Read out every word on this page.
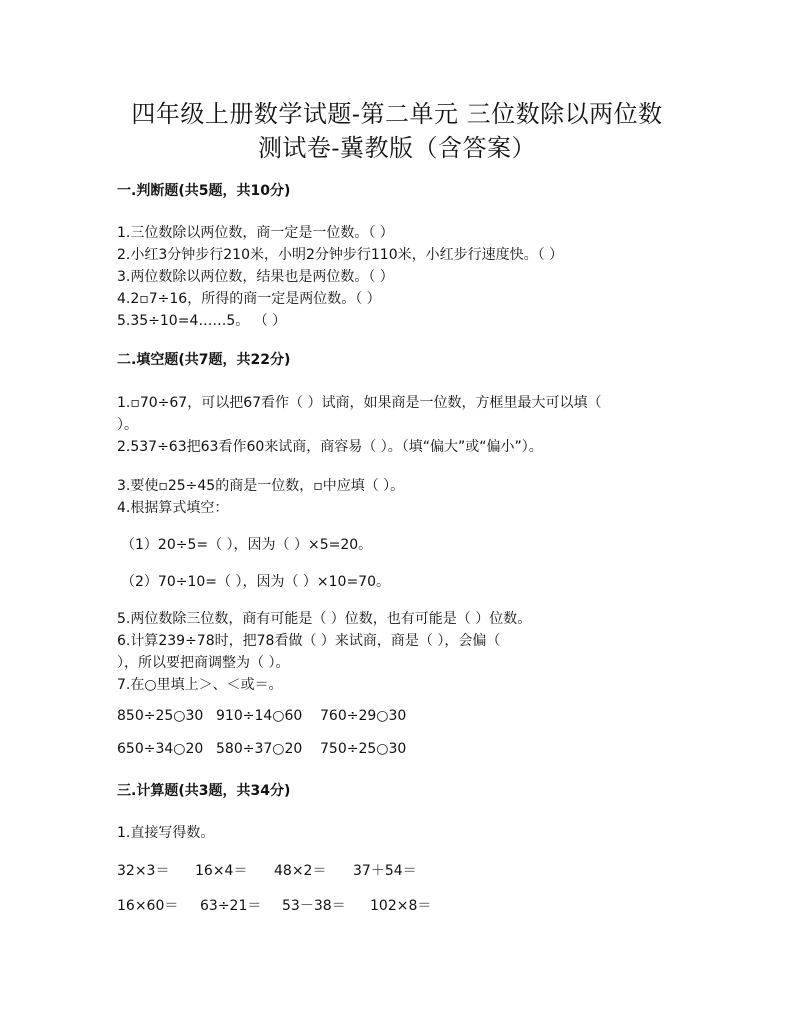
四年级上册数学试题-第二单元 三位数除以两位数
测试卷-冀教版（含答案）
一.判断题(共5题，共10分)
1.三位数除以两位数，商一定是一位数。（ ）
2.小红3分钟步行210米，小明2分钟步行110米，小红步行速度快。（ ）
3.两位数除以两位数，结果也是两位数。（ ）
4.2▫7÷16，所得的商一定是两位数。（ ）
5.35÷10=4……5。 （ ）
二.填空题(共7题，共22分)
1.▫70÷67，可以把67看作（ ）试商，如果商是一位数，方框里最大可以填（
）。
2.537÷63把63看作60来试商，商容易（ ）。（填“偏大”或“偏小”）。
3.要使▫25÷45的商是一位数，▫中应填（ ）。
4.根据算式填空：
（1）20÷5=（ ），因为（ ）×5=20。
（2）70÷10=（ ），因为（ ）×10=70。
5.两位数除三位数，商有可能是（ ）位数，也有可能是（ ）位数。
6.计算239÷78时，把78看做（ ）来试商，商是（ ），会偏（
），所以要把商调整为（ ）。
7.在○里填上＞、＜或＝。
850÷25○30 910÷14○60 760÷29○30
650÷34○20 580÷37○20 750÷25○30
三.计算题(共3题，共34分)
1.直接写得数。
32×3＝ 16×4＝ 48×2＝ 37＋54＝
16×60＝ 63÷21＝ 53－38＝ 102×8＝
